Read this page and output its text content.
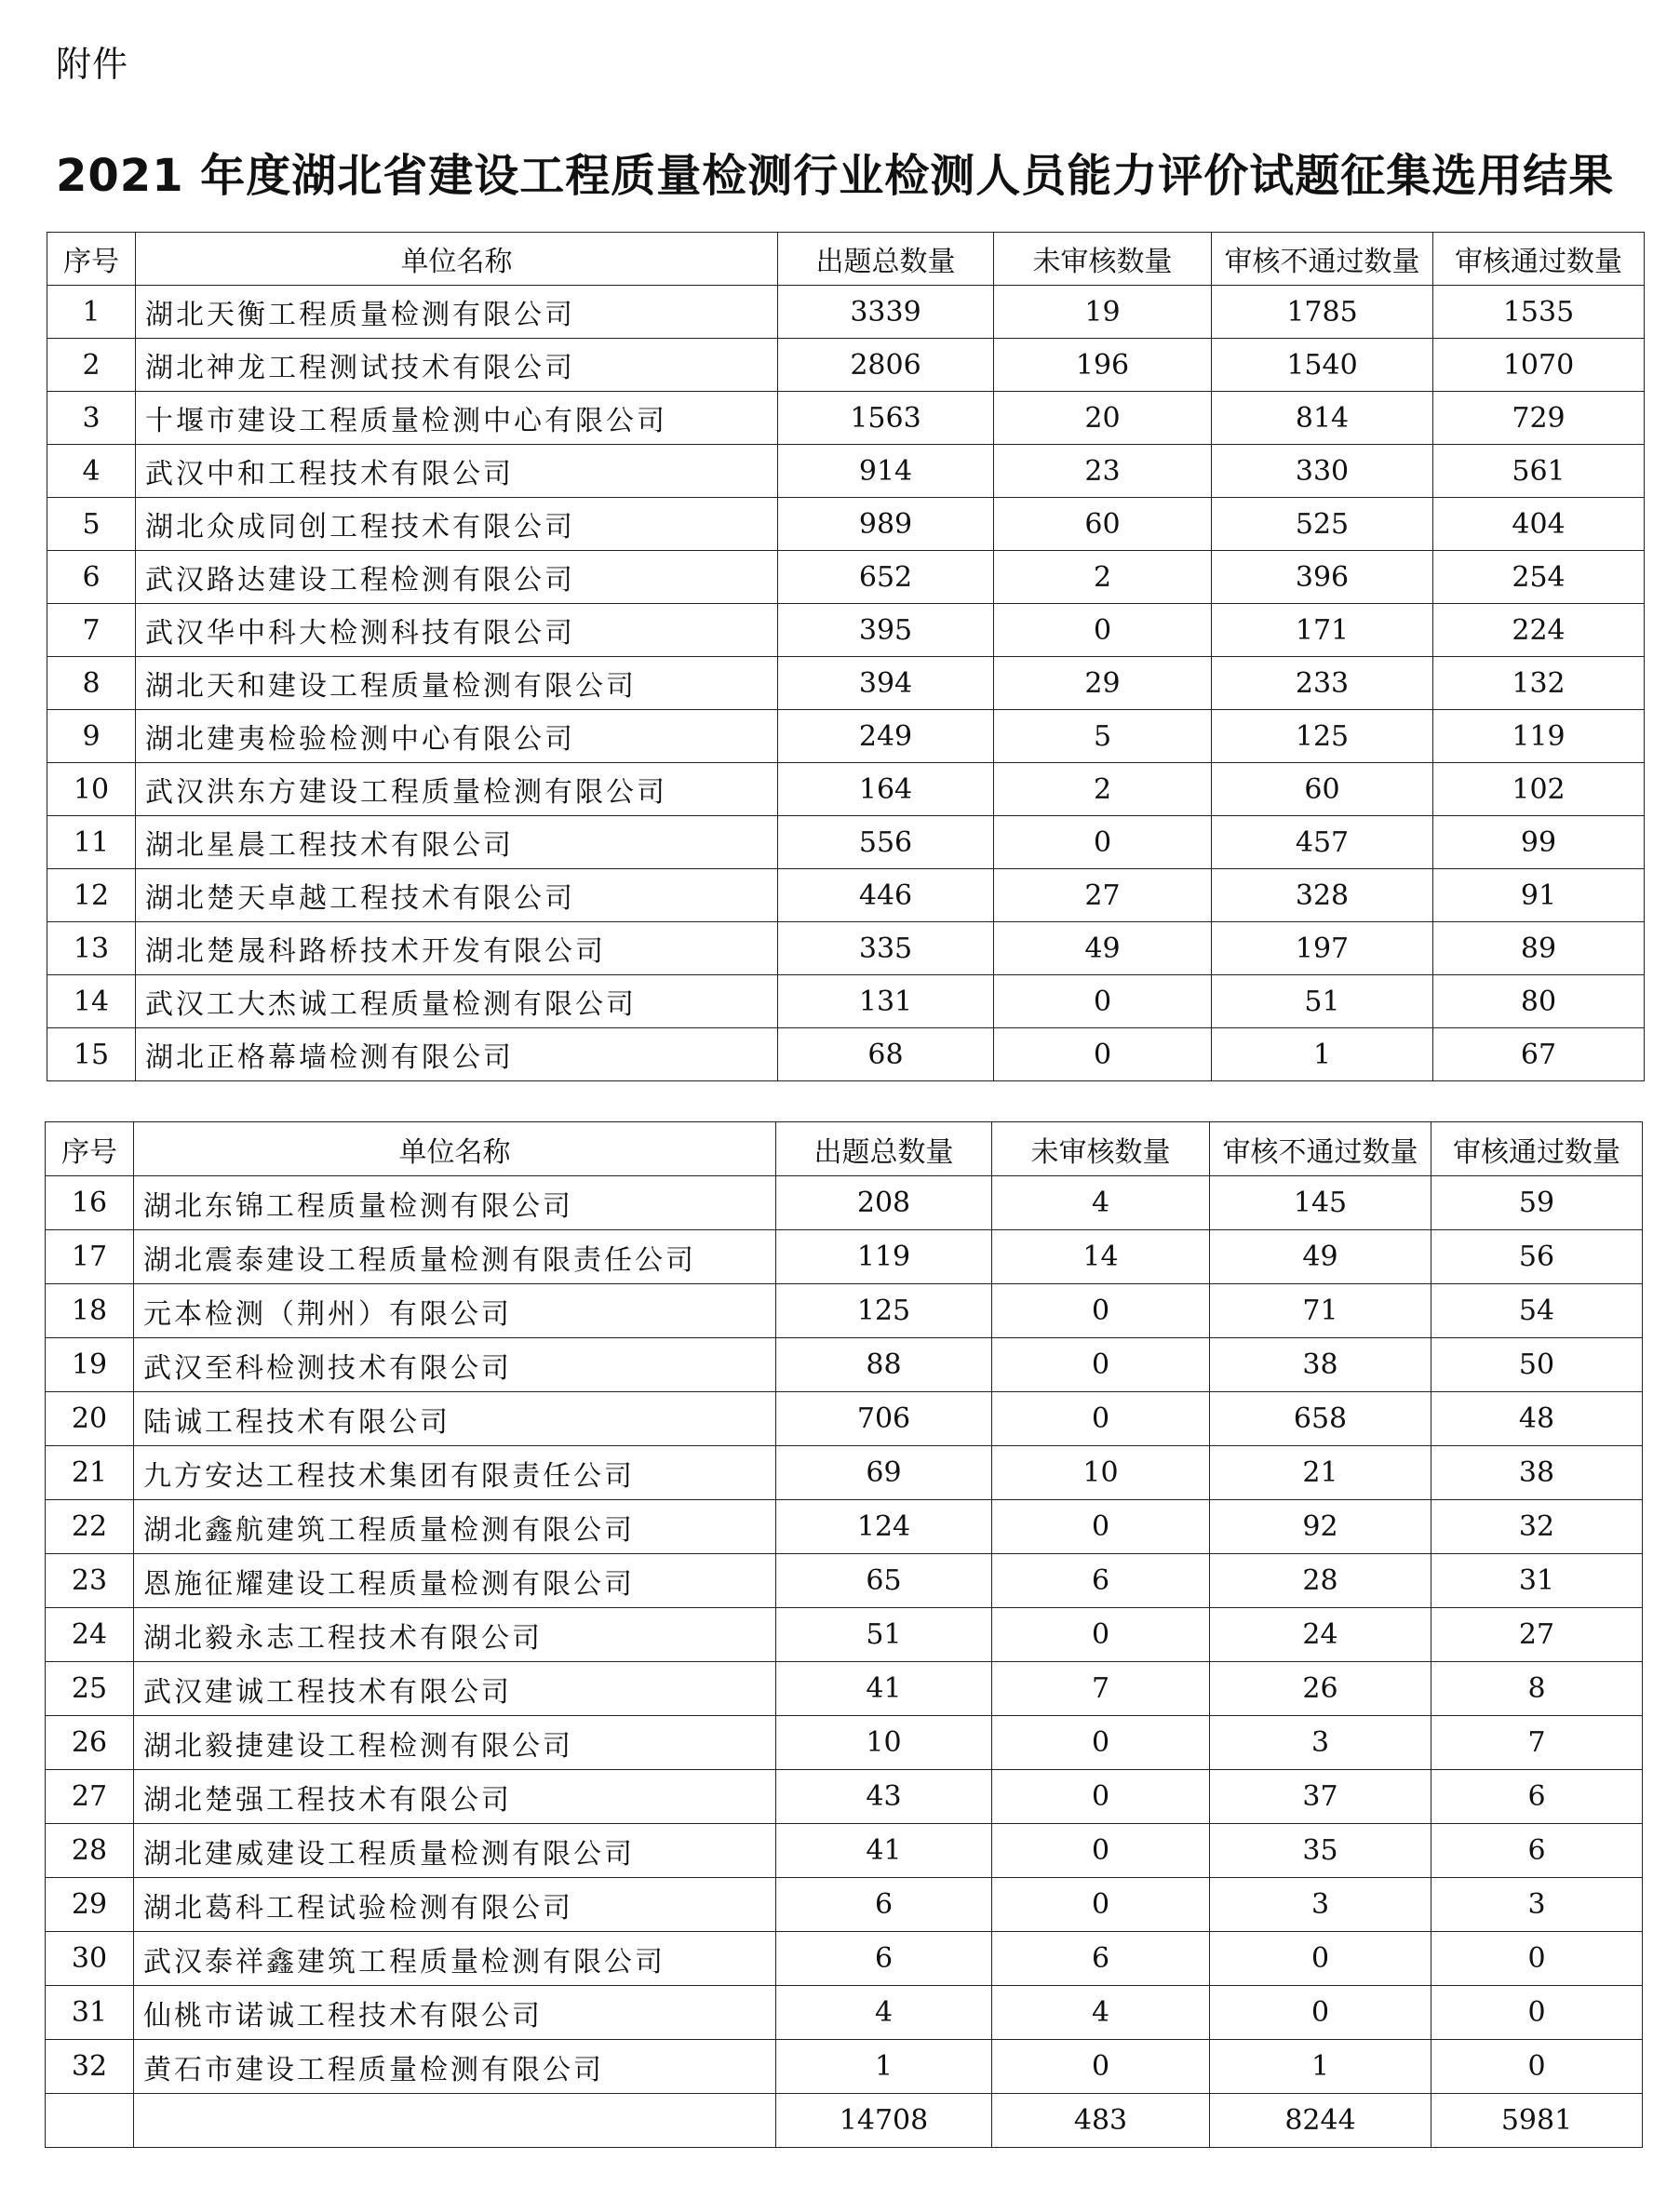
附件
2021 年度湖北省建设工程质量检测行业检测人员能力评价试题征集选用结果
序号	单位名称	出题总数量	未审核数量	审核不通过数量	审核通过数量
1	湖北天衡工程质量检测有限公司	3339	19	1785	1535
2	湖北神龙工程测试技术有限公司	2806	196	1540	1070
3	十堰市建设工程质量检测中心有限公司	1563	20	814	729
4	武汉中和工程技术有限公司	914	23	330	561
5	湖北众成同创工程技术有限公司	989	60	525	404
6	武汉路达建设工程检测有限公司	652	2	396	254
7	武汉华中科大检测科技有限公司	395	0	171	224
8	湖北天和建设工程质量检测有限公司	394	29	233	132
9	湖北建夷检验检测中心有限公司	249	5	125	119
10	武汉洪东方建设工程质量检测有限公司	164	2	60	102
11	湖北星晨工程技术有限公司	556	0	457	99
12	湖北楚天卓越工程技术有限公司	446	27	328	91
13	湖北楚晟科路桥技术开发有限公司	335	49	197	89
14	武汉工大杰诚工程质量检测有限公司	131	0	51	80
15	湖北正格幕墙检测有限公司	68	0	1	67
序号	单位名称	出题总数量	未审核数量	审核不通过数量	审核通过数量
16	湖北东锦工程质量检测有限公司	208	4	145	59
17	湖北震泰建设工程质量检测有限责任公司	119	14	49	56
18	元本检测（荆州）有限公司	125	0	71	54
19	武汉至科检测技术有限公司	88	0	38	50
20	陆诚工程技术有限公司	706	0	658	48
21	九方安达工程技术集团有限责任公司	69	10	21	38
22	湖北鑫航建筑工程质量检测有限公司	124	0	92	32
23	恩施征耀建设工程质量检测有限公司	65	6	28	31
24	湖北毅永志工程技术有限公司	51	0	24	27
25	武汉建诚工程技术有限公司	41	7	26	8
26	湖北毅捷建设工程检测有限公司	10	0	3	7
27	湖北楚强工程技术有限公司	43	0	37	6
28	湖北建威建设工程质量检测有限公司	41	0	35	6
29	湖北葛科工程试验检测有限公司	6	0	3	3
30	武汉泰祥鑫建筑工程质量检测有限公司	6	6	0	0
31	仙桃市诺诚工程技术有限公司	4	4	0	0
32	黄石市建设工程质量检测有限公司	1	0	1	0
		14708	483	8244	5981
